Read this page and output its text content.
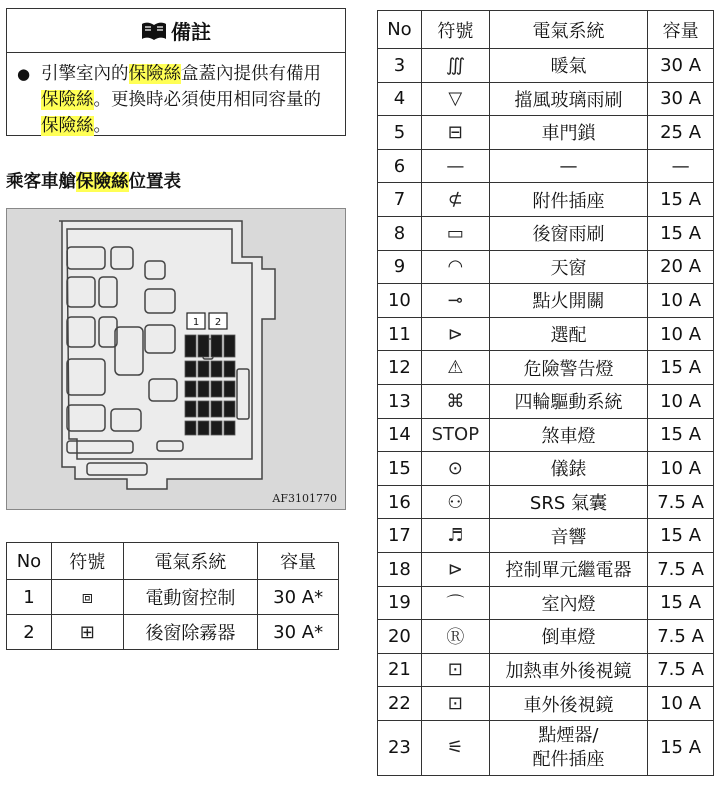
備註
● 引擎室內的保險絲盒蓋內提供有備用保險絲。更換時必須使用相同容量的保險絲。
乘客車艙保險絲位置表
1 2
AF3101770
No	符號	電氣系統	容量
1	⧈	電動窗控制	30 A*
2	⊞	後窗除霧器	30 A*
No	符號	電氣系統	容量
3	∭	暖氣	30 A
4	▽	擋風玻璃雨刷	30 A
5	⊟	車門鎖	25 A
6	—	—	—
7	⊄	附件插座	15 A
8	▭	後窗雨刷	15 A
9	◠	天窗	20 A
10	⊸	點火開關	10 A
11	⊳	選配	10 A
12	⚠	危險警告燈	15 A
13	⌘	四輪驅動系統	10 A
14	STOP	煞車燈	15 A
15	⊙	儀錶	10 A
16	⚇	SRS 氣囊	7.5 A
17	♬	音響	15 A
18	⊳	控制單元繼電器	7.5 A
19	⌒	室內燈	15 A
20	Ⓡ	倒車燈	7.5 A
21	⊡	加熱車外後視鏡	7.5 A
22	⊡	車外後視鏡	10 A
23	⚟	點煙器/
配件插座	15 A
